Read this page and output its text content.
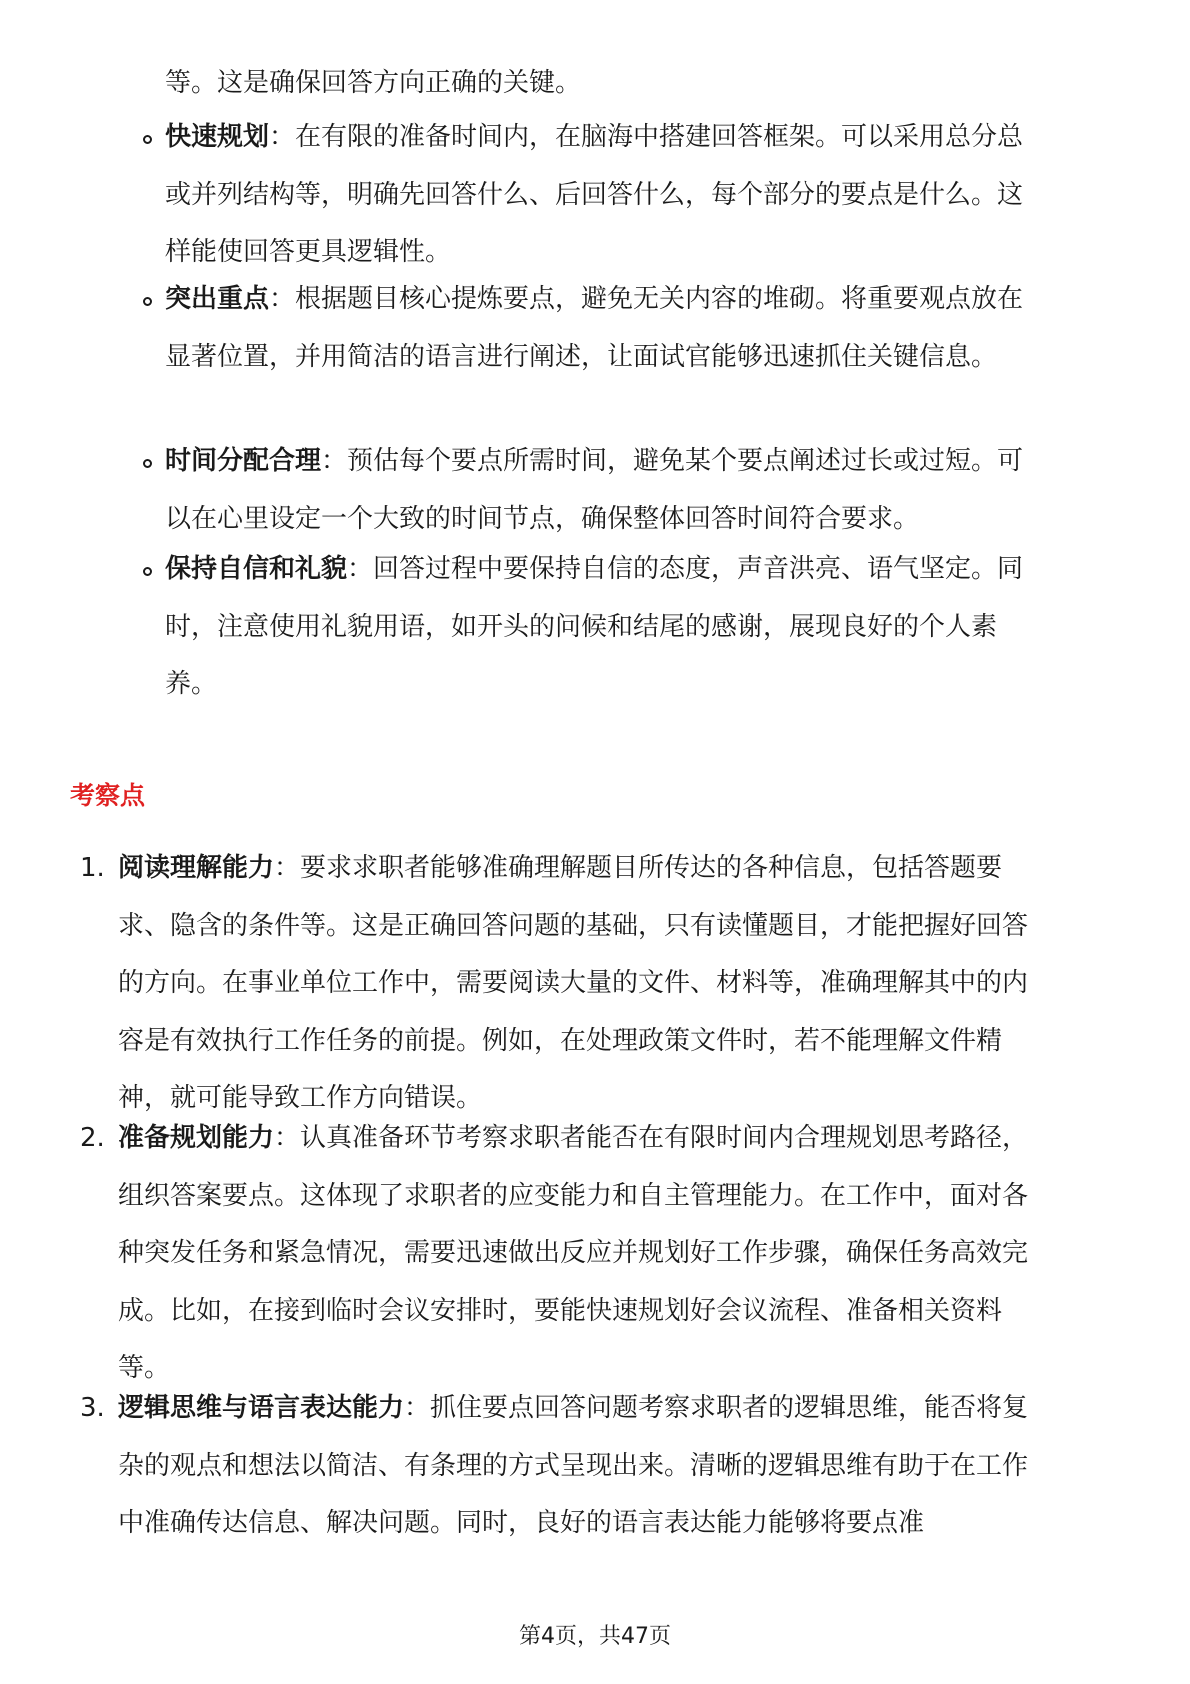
等。这是确保回答方向正确的关键。

快速规划：在有限的准备时间内，在脑海中搭建回答框架。可以采用总分总或并列结构等，明确先回答什么、后回答什么，每个部分的要点是什么。这样能使回答更具逻辑性。

突出重点：根据题目核心提炼要点，避免无关内容的堆砌。将重要观点放在显著位置，并用简洁的语言进行阐述，让面试官能够迅速抓住关键信息。

时间分配合理：预估每个要点所需时间，避免某个要点阐述过长或过短。可以在心里设定一个大致的时间节点，确保整体回答时间符合要求。

保持自信和礼貌：回答过程中要保持自信的态度，声音洪亮、语气坚定。同时，注意使用礼貌用语，如开头的问候和结尾的感谢，展现良好的个人素养。

考察点
1. 阅读理解能力：要求求职者能够准确理解题目所传达的各种信息，包括答题要求、隐含的条件等。这是正确回答问题的基础，只有读懂题目，才能把握好回答的方向。在事业单位工作中，需要阅读大量的文件、材料等，准确理解其中的内容是有效执行工作任务的前提。例如，在处理政策文件时，若不能理解文件精神，就可能导致工作方向错误。

2. 准备规划能力：认真准备环节考察求职者能否在有限时间内合理规划思考路径，组织答案要点。这体现了求职者的应变能力和自主管理能力。在工作中，面对各种突发任务和紧急情况，需要迅速做出反应并规划好工作步骤，确保任务高效完成。比如，在接到临时会议安排时，要能快速规划好会议流程、准备相关资料等。

3. 逻辑思维与语言表达能力：抓住要点回答问题考察求职者的逻辑思维，能否将复杂的观点和想法以简洁、有条理的方式呈现出来。清晰的逻辑思维有助于在工作中准确传达信息、解决问题。同时，良好的语言表达能力能够将要点准

第4页，共47页
